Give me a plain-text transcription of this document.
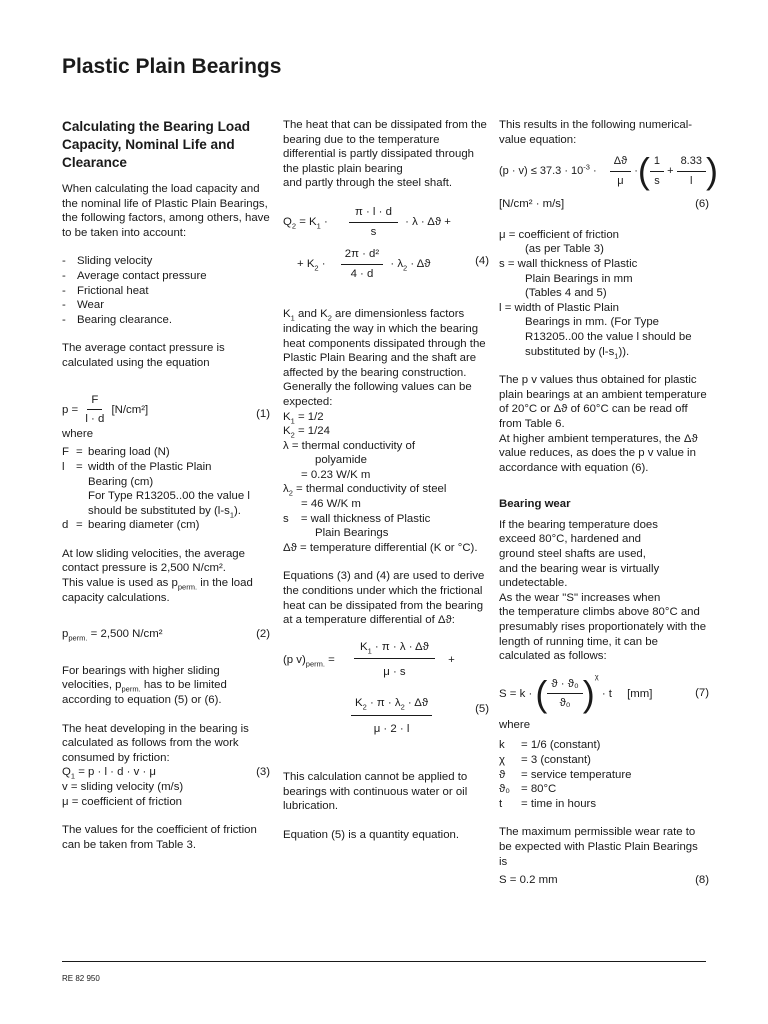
Plastic Plain Bearings
Calculating the Bearing Load Capacity, Nominal Life and Clearance

When calculating the load capacity and the nominal life of Plastic Plain Bearings, the following factors, among others, have to be taken into account:

- Sliding velocity
- Average contact pressure
- Frictional heat
- Wear
- Bearing clearance.

The average contact pressure is calculated using the equation

$p = \frac{F}{l \cdot d} [N/cm^2]$	(1)

where

F = bearing load (N)
l	= width of the Plastic Plain
Bearing (cm)
For Type R13205..00 the value l
should be substituted by $(l-s_1)$.
d = bearing diameter (cm)

At low sliding velocities, the average contact pressure is 2,500 N/cm².

This value is used as $p_{perm.}$ in the load capacity calculations.

$p_{perm.} = 2,500$ N/cm²	(2)

For bearings with higher sliding velocities, $p_{perm.}$ has to be limited according to equation (5) or (6).

The heat developing in the bearing is calculated as follows from the work consumed by friction:

$Q_1 = p \cdot l \cdot d \cdot v \cdot \mu$	(3)

v = sliding velocity (m/s)

μ = coefficient of friction

The values for the coefficient of friction can be taken from Table 3.

The heat that can be dissipated from the bearing due to the temperature differential is partly dissipated through the plastic plain bearing

and partly through the steel shaft.

$Q_2 = K_1 \cdot \frac{\pi \cdot l \cdot d}{s} \cdot \lambda \cdot \Delta ϑ$ +
+ $K_2 \cdot \frac{\text{2π · d²}}{4 \cdot d} \cdot \lambda_2 \cdot \Delta ϑ$	(4)

$K_1$ and $K_2$ are dimensionless factors indicating the way in which the bearing heat components dissipated through the Plastic Plain Bearing and the shaft are affected by the bearing construction.

Generally the following values can be expected:

$K_1 = 1/2$

$K_2 = 1/24$

λ = thermal conductivity of

polyamide

= 0.23 W/K m

$\lambda_2$ = thermal conductivity of steel

= 46 W/K m

s = wall thickness of Plastic

Plain Bearings

Δϑ = temperature differential (K or °C).

Equations (3) and (4) are used to derive the conditions under which the frictional heat can be dissipated from the bearing at a temperature differential of Δϑ:

(p $v)_{perm.} = \frac{K_1 \cdot \pi \cdot \lambda \cdot \Delta ϑ}{\mu \cdot s}$ +
$\frac{K_2 \cdot \pi \cdot \lambda_2 \cdot \Delta ϑ}{\mu \cdot 2 \cdot l}$	(5)

This calculation cannot be applied to bearings with continuous water or oil lubrication.

Equation (5) is a quantity equation.

This results in the following numerical-value equation:

$(p \cdot v) \le 37.3 \cdot 10^{-3} \cdot \frac{\Delta ϑ}{\mu}$ ·( $\frac{1}{s} + \frac{8.33}{l}$ )
[N/cm² · m/s]	(6)

μ = coefficient of friction

(as per Table 3)

s = wall thickness of Plastic

Plain Bearings in mm

(Tables 4 and 5)

l = width of Plastic Plain

Bearings in mm. (For Type

R13205..00 the value l should be

substituted by $(l-s_1)$).

The p v values thus obtained for plastic plain bearings at an ambient temperature of 20°C or Δϑ of 60°C can be read off from Table 6.

At higher ambient temperatures, the Δϑ value reduces, as does the p v value in accordance with equation (6).

Bearing wear

If the bearing temperature does

exceed 80°C, hardened and

ground steel shafts are used,

and the bearing wear is virtually undetectable.

As the wear "S" increases when

the temperature climbs above 80°C and presumably rises proportionately with the length of running time, it can be calculated as follows:

S = k · ( $\frac{\text{ϑ · ϑ₀}}{\text{ϑ₀}} )^\chi \cdot t$ [mm]	(7)

where

k	= 1/6 (constant)
χ	= 3 (constant)
ϑ	= service temperature
ϑ₀ = 80°C
t	= time in hours

The maximum permissible wear rate to be expected with Plastic Plain Bearings is

S = 0.2 mm	(8)
RE 82 950
